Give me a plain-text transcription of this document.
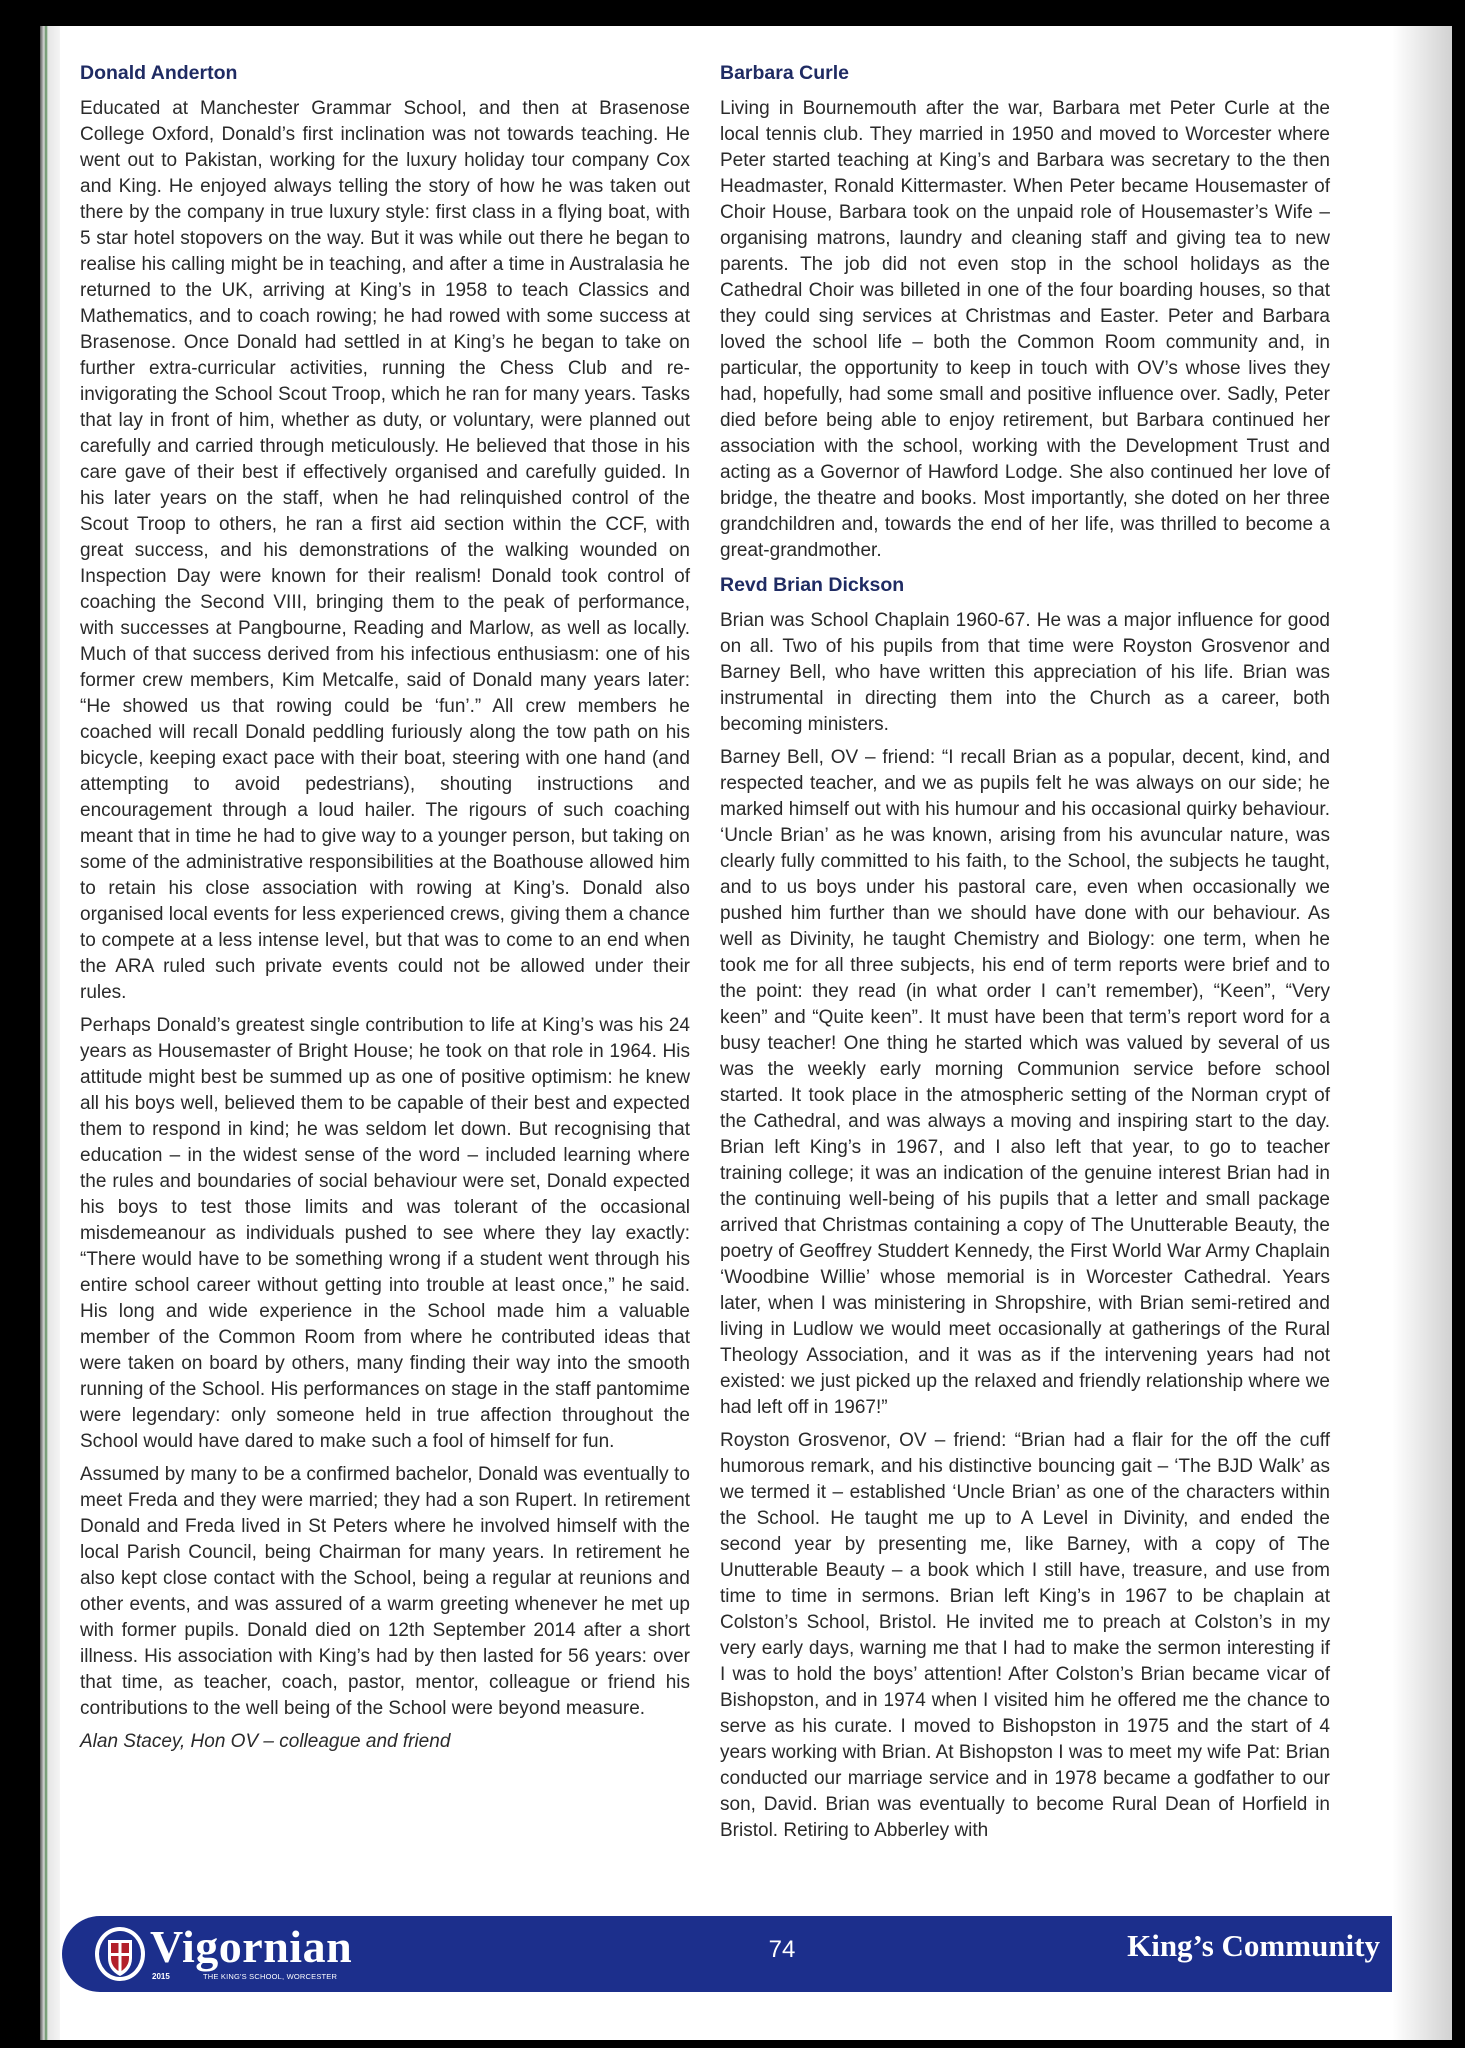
Donald Anderton

Educated at Manchester Grammar School, and then at Brasenose College Oxford, Donald’s first inclination was not towards teaching. He went out to Pakistan, working for the luxury holiday tour company Cox and King. He enjoyed always telling the story of how he was taken out there by the company in true luxury style: first class in a flying boat, with 5 star hotel stopovers on the way. But it was while out there he began to realise his calling might be in teaching, and after a time in Australasia he returned to the UK, arriving at King’s in 1958 to teach Classics and Mathematics, and to coach rowing; he had rowed with some success at Brasenose. Once Donald had settled in at King’s he began to take on further extra-curricular activities, running the Chess Club and re-invigorating the School Scout Troop, which he ran for many years. Tasks that lay in front of him, whether as duty, or voluntary, were planned out carefully and carried through meticulously. He believed that those in his care gave of their best if effectively organised and carefully guided. In his later years on the staff, when he had relinquished control of the Scout Troop to others, he ran a first aid section within the CCF, with great success, and his demonstrations of the walking wounded on Inspection Day were known for their realism! Donald took control of coaching the Second VIII, bringing them to the peak of performance, with successes at Pangbourne, Reading and Marlow, as well as locally. Much of that success derived from his infectious enthusiasm: one of his former crew members, Kim Metcalfe, said of Donald many years later: “He showed us that rowing could be ‘fun’.” All crew members he coached will recall Donald peddling furiously along the tow path on his bicycle, keeping exact pace with their boat, steering with one hand (and attempting to avoid pedestrians), shouting instructions and encouragement through a loud hailer. The rigours of such coaching meant that in time he had to give way to a younger person, but taking on some of the administrative responsibilities at the Boathouse allowed him to retain his close association with rowing at King’s. Donald also organised local events for less experienced crews, giving them a chance to compete at a less intense level, but that was to come to an end when the ARA ruled such private events could not be allowed under their rules.

Perhaps Donald’s greatest single contribution to life at King’s was his 24 years as Housemaster of Bright House; he took on that role in 1964. His attitude might best be summed up as one of positive optimism: he knew all his boys well, believed them to be capable of their best and expected them to respond in kind; he was seldom let down. But recognising that education – in the widest sense of the word – included learning where the rules and boundaries of social behaviour were set, Donald expected his boys to test those limits and was tolerant of the occasional misdemeanour as individuals pushed to see where they lay exactly: “There would have to be something wrong if a student went through his entire school career without getting into trouble at least once,” he said. His long and wide experience in the School made him a valuable member of the Common Room from where he contributed ideas that were taken on board by others, many finding their way into the smooth running of the School. His performances on stage in the staff pantomime were legendary: only someone held in true affection throughout the School would have dared to make such a fool of himself for fun.

Assumed by many to be a confirmed bachelor, Donald was eventually to meet Freda and they were married; they had a son Rupert. In retirement Donald and Freda lived in St Peters where he involved himself with the local Parish Council, being Chairman for many years. In retirement he also kept close contact with the School, being a regular at reunions and other events, and was assured of a warm greeting whenever he met up with former pupils. Donald died on 12th September 2014 after a short illness. His association with King’s had by then lasted for 56 years: over that time, as teacher, coach, pastor, mentor, colleague or friend his contributions to the well being of the School were beyond measure.

Alan Stacey, Hon OV – colleague and friend

Barbara Curle

Living in Bournemouth after the war, Barbara met Peter Curle at the local tennis club. They married in 1950 and moved to Worcester where Peter started teaching at King’s and Barbara was secretary to the then Headmaster, Ronald Kittermaster. When Peter became Housemaster of Choir House, Barbara took on the unpaid role of Housemaster’s Wife – organising matrons, laundry and cleaning staff and giving tea to new parents. The job did not even stop in the school holidays as the Cathedral Choir was billeted in one of the four boarding houses, so that they could sing services at Christmas and Easter. Peter and Barbara loved the school life – both the Common Room community and, in particular, the opportunity to keep in touch with OV’s whose lives they had, hopefully, had some small and positive influence over. Sadly, Peter died before being able to enjoy retirement, but Barbara continued her association with the school, working with the Development Trust and acting as a Governor of Hawford Lodge. She also continued her love of bridge, the theatre and books. Most importantly, she doted on her three grandchildren and, towards the end of her life, was thrilled to become a great-grandmother.

Revd Brian Dickson

Brian was School Chaplain 1960-67. He was a major influence for good on all. Two of his pupils from that time were Royston Grosvenor and Barney Bell, who have written this appreciation of his life. Brian was instrumental in directing them into the Church as a career, both becoming ministers.

Barney Bell, OV – friend: “I recall Brian as a popular, decent, kind, and respected teacher, and we as pupils felt he was always on our side; he marked himself out with his humour and his occasional quirky behaviour. ‘Uncle Brian’ as he was known, arising from his avuncular nature, was clearly fully committed to his faith, to the School, the subjects he taught, and to us boys under his pastoral care, even when occasionally we pushed him further than we should have done with our behaviour. As well as Divinity, he taught Chemistry and Biology: one term, when he took me for all three subjects, his end of term reports were brief and to the point: they read (in what order I can’t remember), “Keen”, “Very keen” and “Quite keen”. It must have been that term’s report word for a busy teacher! One thing he started which was valued by several of us was the weekly early morning Communion service before school started. It took place in the atmospheric setting of the Norman crypt of the Cathedral, and was always a moving and inspiring start to the day. Brian left King’s in 1967, and I also left that year, to go to teacher training college; it was an indication of the genuine interest Brian had in the continuing well-being of his pupils that a letter and small package arrived that Christmas containing a copy of The Unutterable Beauty, the poetry of Geoffrey Studdert Kennedy, the First World War Army Chaplain ‘Woodbine Willie’ whose memorial is in Worcester Cathedral. Years later, when I was ministering in Shropshire, with Brian semi-retired and living in Ludlow we would meet occasionally at gatherings of the Rural Theology Association, and it was as if the intervening years had not existed: we just picked up the relaxed and friendly relationship where we had left off in 1967!”

Royston Grosvenor, OV – friend: “Brian had a flair for the off the cuff humorous remark, and his distinctive bouncing gait – ‘The BJD Walk’ as we termed it – established ‘Uncle Brian’ as one of the characters within the School. He taught me up to A Level in Divinity, and ended the second year by presenting me, like Barney, with a copy of The Unutterable Beauty – a book which I still have, treasure, and use from time to time in sermons. Brian left King’s in 1967 to be chaplain at Colston’s School, Bristol. He invited me to preach at Colston’s in my very early days, warning me that I had to make the sermon interesting if I was to hold the boys’ attention! After Colston’s Brian became vicar of Bishopston, and in 1974 when I visited him he offered me the chance to serve as his curate. I moved to Bishopston in 1975 and the start of 4 years working with Brian. At Bishopston I was to meet my wife Pat: Brian conducted our marriage service and in 1978 became a godfather to our son, David. Brian was eventually to become Rural Dean of Horfield in Bristol. Retiring to Abberley with

Vigornian
2015	THE KING'S SCHOOL, WORCESTER
74	King’s Community
